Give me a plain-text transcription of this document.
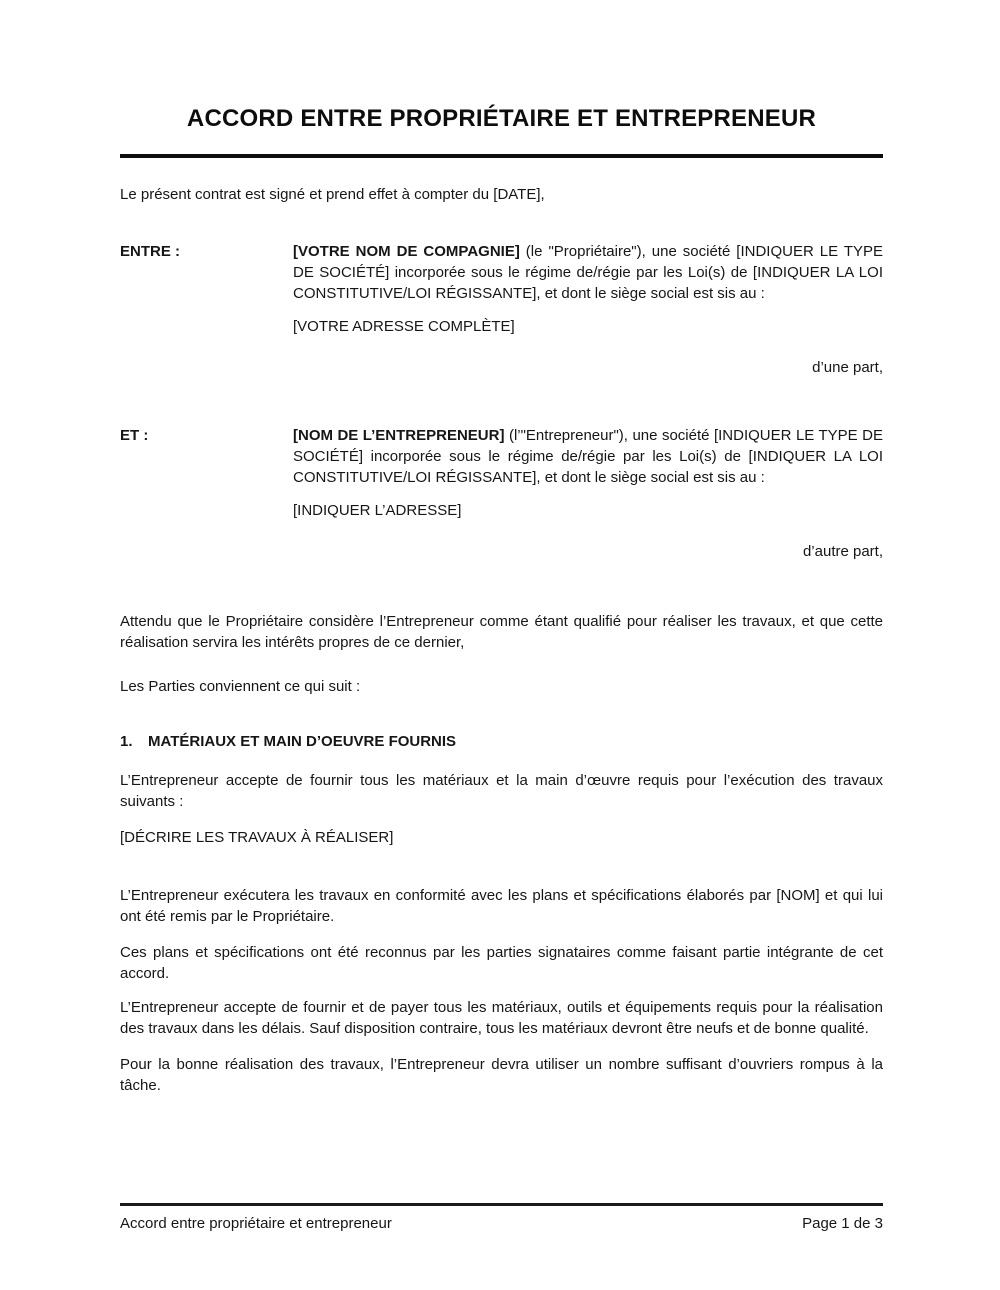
ACCORD ENTRE PROPRIÉTAIRE ET ENTREPRENEUR

Le présent contrat est signé et prend effet à compter du [DATE],

ENTRE :	[VOTRE NOM DE COMPAGNIE] (le "Propriétaire"), une société [INDIQUER LE TYPE DE SOCIÉTÉ] incorporée sous le régime de/régie par les Loi(s) de [INDIQUER LA LOI CONSTITUTIVE/LOI RÉGISSANTE], et dont le siège social est sis au :

[VOTRE ADRESSE COMPLÈTE]

d’une part,

ET :	[NOM DE L’ENTREPRENEUR] (l’"Entrepreneur"), une société [INDIQUER LE TYPE DE SOCIÉTÉ] incorporée sous le régime de/régie par les Loi(s) de [INDIQUER LA LOI CONSTITUTIVE/LOI RÉGISSANTE], et dont le siège social est sis au :

[INDIQUER L’ADRESSE]

d’autre part,

Attendu que le Propriétaire considère l’Entrepreneur comme étant qualifié pour réaliser les travaux, et que cette réalisation servira les intérêts propres de ce dernier,

Les Parties conviennent ce qui suit :

1.	MATÉRIAUX ET MAIN D’OEUVRE FOURNIS

L’Entrepreneur accepte de fournir tous les matériaux et la main d’œuvre requis pour l’exécution des travaux suivants :

[DÉCRIRE LES TRAVAUX À RÉALISER]

L’Entrepreneur exécutera les travaux en conformité avec les plans et spécifications élaborés par [NOM] et qui lui ont été remis par le Propriétaire.

Ces plans et spécifications ont été reconnus par les parties signataires comme faisant partie intégrante de cet accord.

L’Entrepreneur accepte de fournir et de payer tous les matériaux, outils et équipements requis pour la réalisation des travaux dans les délais. Sauf disposition contraire, tous les matériaux devront être neufs et de bonne qualité.

Pour la bonne réalisation des travaux, l’Entrepreneur devra utiliser un nombre suffisant d’ouvriers rompus à la tâche.

Accord entre propriétaire et entrepreneur	Page 1 de 3
